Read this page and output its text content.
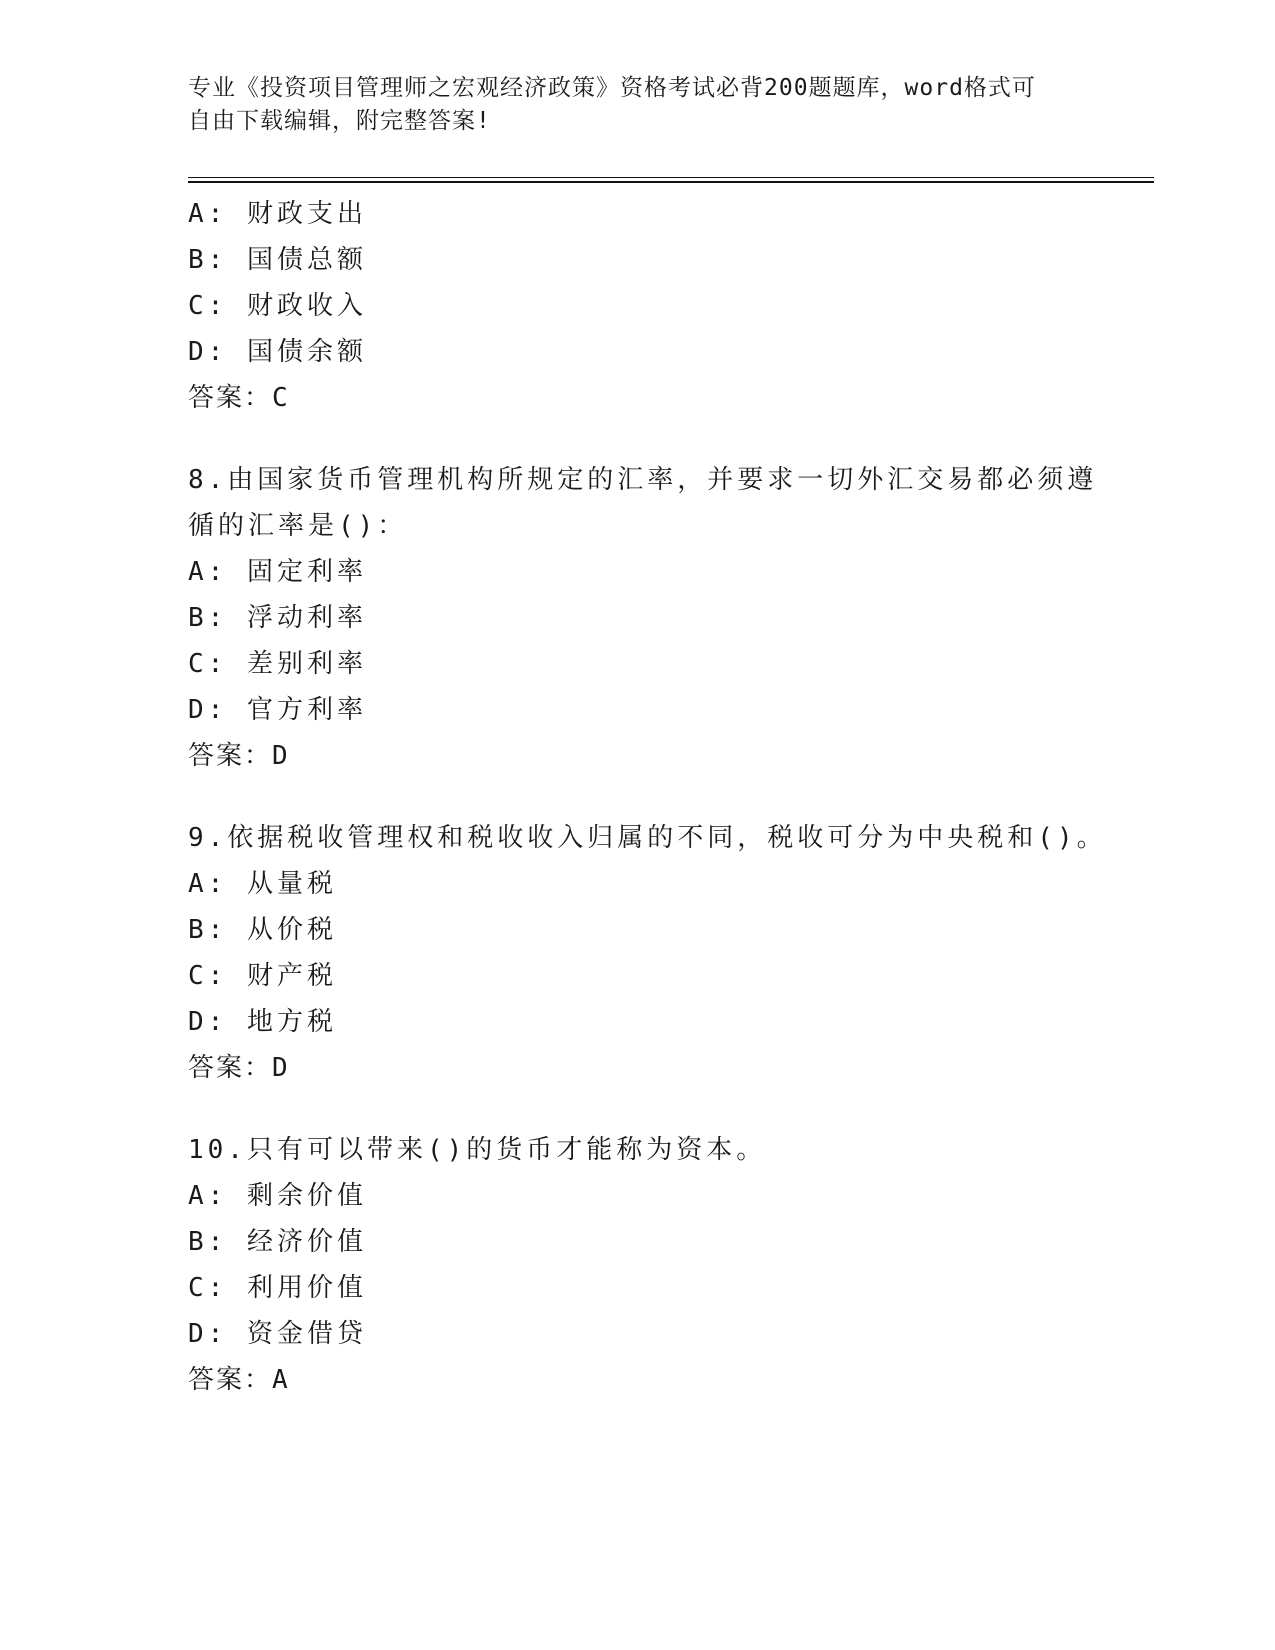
专业《投资项目管理师之宏观经济政策》资格考试必背200题题库，word格式可
自由下载编辑，附完整答案!
A: 财政支出
B: 国债总额
C: 财政收入
D: 国债余额
答案：C
8.由国家货币管理机构所规定的汇率，并要求一切外汇交易都必须遵
循的汇率是()：
A: 固定利率
B: 浮动利率
C: 差别利率
D: 官方利率
答案：D
9.依据税收管理权和税收收入归属的不同，税收可分为中央税和()。
A: 从量税
B: 从价税
C: 财产税
D: 地方税
答案：D
10.只有可以带来()的货币才能称为资本。
A: 剩余价值
B: 经济价值
C: 利用价值
D: 资金借贷
答案：A
